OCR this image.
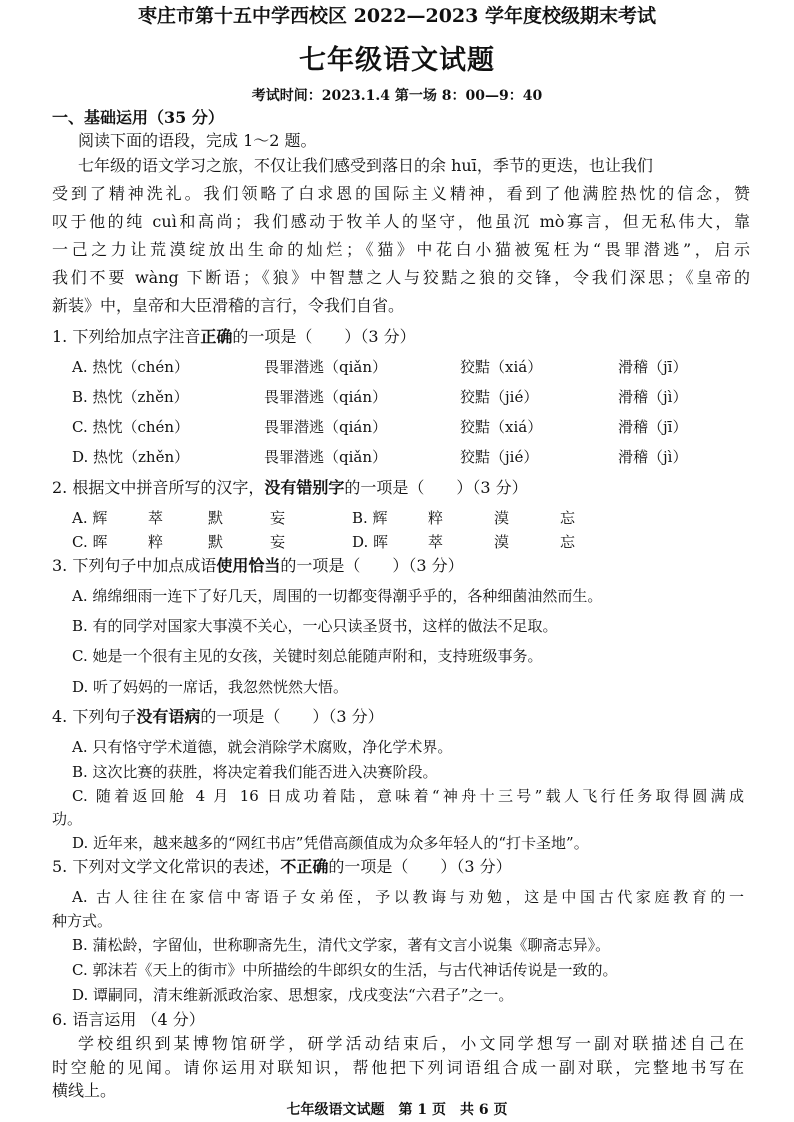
枣庄市第十五中学西校区 2022—2023 学年度校级期末考试
七年级语文试题
考试时间：2023.1.4 第一场 8：00—9：40
一、基础运用（35 分）
阅读下面的语段，完成 1～2 题。
七年级的语文学习之旅，不仅让我们感受到落日的余 huī，季节的更迭，也让我们
受到了精神洗礼。我们领略了白求恩的国际主义精神，看到了他满腔热忱的信念，赞
叹于他的纯 cuì和高尚；我们感动于牧羊人的坚守，他虽沉 mò寡言，但无私伟大，靠
一己之力让荒漠绽放出生命的灿烂；《猫》中花白小猫被冤枉为“畏罪潜逃”，启示
我们不要 wàng 下断语；《狼》中智慧之人与狡黠之狼的交锋，令我们深思；《皇帝的
新装》中，皇帝和大臣滑稽的言行，令我们自省。
1. 下列给加点字注音正确的一项是（　　）（3 分）
A. 热忱（chén）	畏罪潜逃（qiǎn）	狡黠（xiá）	滑稽（jī）
B. 热忱（zhěn）	畏罪潜逃（qián）	狡黠（jié）	滑稽（jì）
C. 热忱（chén）	畏罪潜逃（qián）	狡黠（xiá）	滑稽（jī）
D. 热忱（zhěn）	畏罪潜逃（qiǎn）	狡黠（jié）	滑稽（jì）
2. 根据文中拼音所写的汉字，没有错别字的一项是（　　）（3 分）
A. 辉	萃	默	妄	B. 辉	粹	漠	忘
C. 晖	粹	默	妄	D. 晖	萃	漠	忘
3. 下列句子中加点成语使用恰当的一项是（　　）（3 分）
A. 绵绵细雨一连下了好几天，周围的一切都变得潮乎乎的，各种细菌油然而生。
B. 有的同学对国家大事漠不关心，一心只读圣贤书，这样的做法不足取。
C. 她是一个很有主见的女孩，关键时刻总能随声附和，支持班级事务。
D. 听了妈妈的一席话，我忽然恍然大悟。
4. 下列句子没有语病的一项是（　　）（3 分）
A. 只有恪守学术道德，就会消除学术腐败，净化学术界。
B. 这次比赛的获胜，将决定着我们能否进入决赛阶段。
C. 随着返回舱 4 月 16 日成功着陆，意味着“神舟十三号”载人飞行任务取得圆满成
功。
D. 近年来，越来越多的“网红书店”凭借高颜值成为众多年轻人的“打卡圣地”。
5. 下列对文学文化常识的表述，不正确的一项是（　　）（3 分）
A. 古人往往在家信中寄语子女弟侄，予以教诲与劝勉，这是中国古代家庭教育的一
种方式。
B. 蒲松龄，字留仙，世称聊斋先生，清代文学家，著有文言小说集《聊斋志异》。
C. 郭沫若《天上的街市》中所描绘的牛郎织女的生活，与古代神话传说是一致的。
D. 谭嗣同，清末维新派政治家、思想家，戊戌变法“六君子”之一。
6. 语言运用 （4 分）
学校组织到某博物馆研学，研学活动结束后，小文同学想写一副对联描述自己在
时空舱的见闻。请你运用对联知识，帮他把下列词语组合成一副对联，完整地书写在
横线上。
七年级语文试题　第 1 页　共 6 页
